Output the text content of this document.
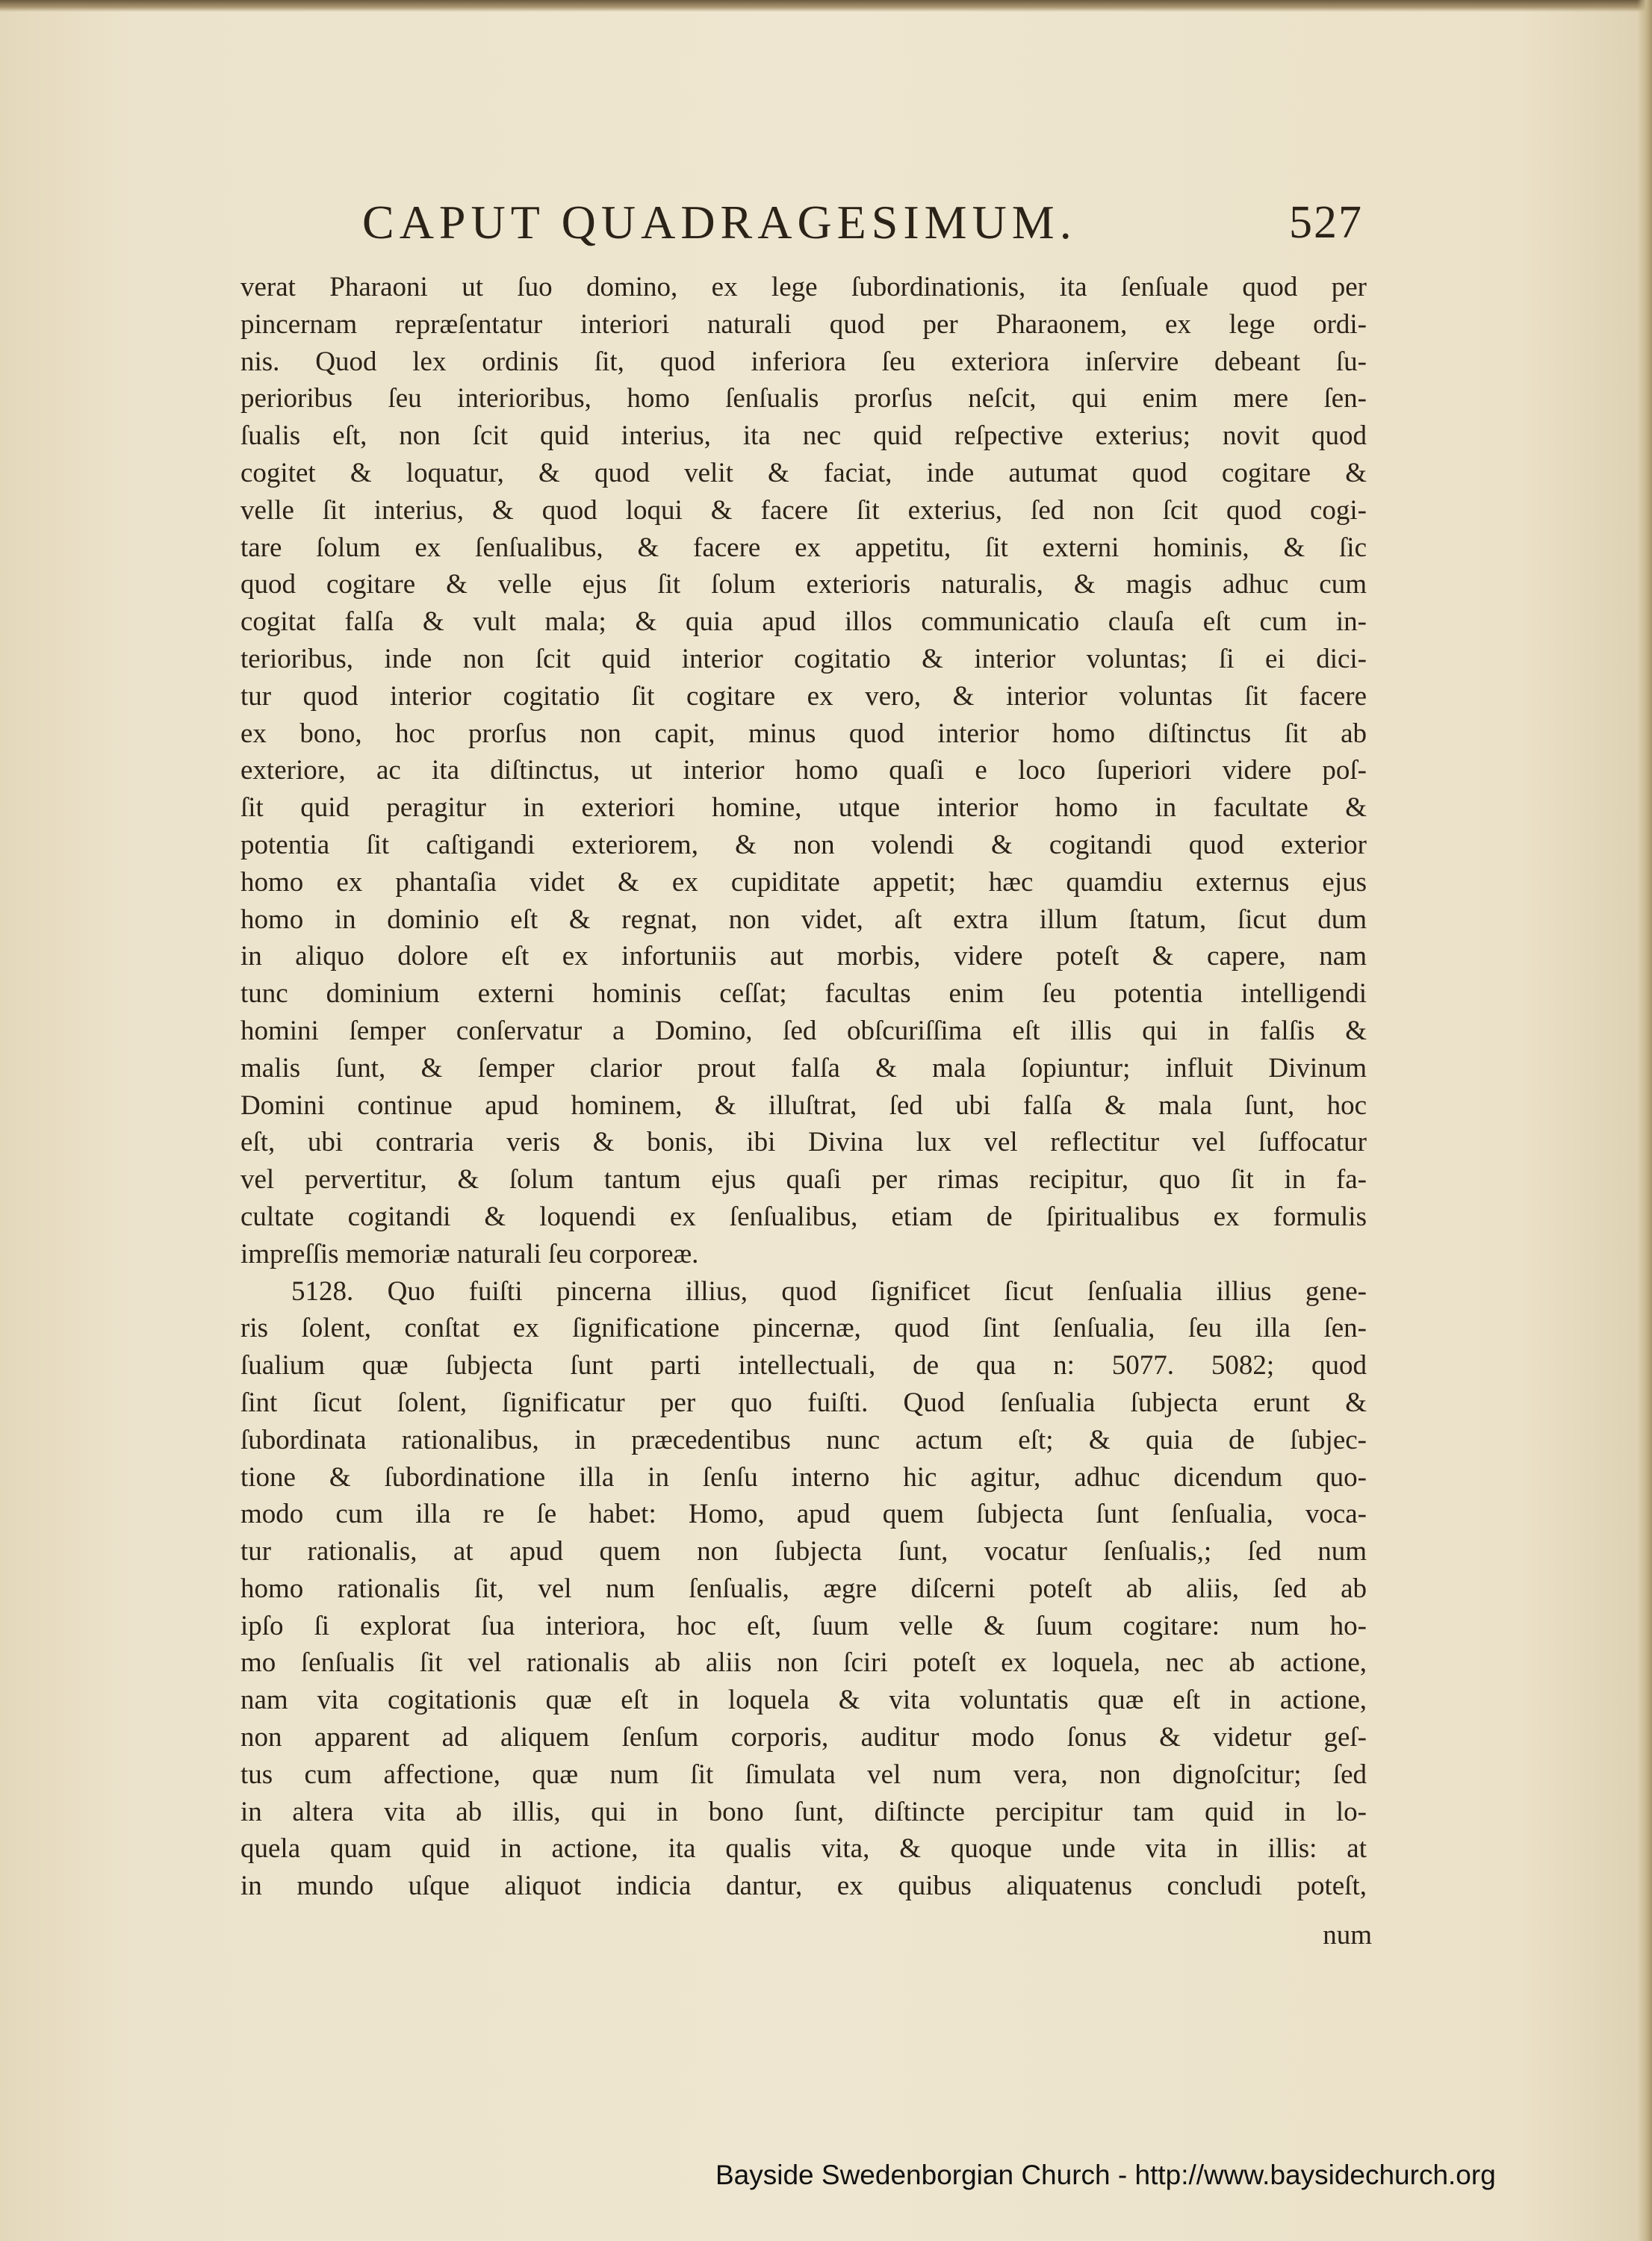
CAPUT QUADRAGESIMUM.	527
verat Pharaoni ut ſuo domino, ex lege ſubordinationis, ita ſenſuale quod per
pincernam repræſentatur interiori naturali quod per Pharaonem, ex lege ordi-
nis. Quod lex ordinis ſit, quod inferiora ſeu exteriora inſervire debeant ſu-
perioribus ſeu interioribus, homo ſenſualis prorſus neſcit, qui enim mere ſen-
ſualis eſt, non ſcit quid interius, ita nec quid reſpective exterius; novit quod
cogitet & loquatur, & quod velit & faciat, inde autumat quod cogitare &
velle ſit interius, & quod loqui & facere ſit exterius, ſed non ſcit quod cogi-
tare ſolum ex ſenſualibus, & facere ex appetitu, ſit externi hominis, & ſic
quod cogitare & velle ejus ſit ſolum exterioris naturalis, & magis adhuc cum
cogitat falſa & vult mala; & quia apud illos communicatio clauſa eſt cum in-
terioribus, inde non ſcit quid interior cogitatio & interior voluntas; ſi ei dici-
tur quod interior cogitatio ſit cogitare ex vero, & interior voluntas ſit facere
ex bono, hoc prorſus non capit, minus quod interior homo diſtinctus ſit ab
exteriore, ac ita diſtinctus, ut interior homo quaſi e loco ſuperiori videre poſ-
ſit quid peragitur in exteriori homine, utque interior homo in facultate &
potentia ſit caſtigandi exteriorem, & non volendi & cogitandi quod exterior
homo ex phantaſia videt & ex cupiditate appetit; hæc quamdiu externus ejus
homo in dominio eſt & regnat, non videt, aſt extra illum ſtatum, ſicut dum
in aliquo dolore eſt ex infortuniis aut morbis, videre poteſt & capere, nam
tunc dominium externi hominis ceſſat; facultas enim ſeu potentia intelligendi
homini ſemper conſervatur a Domino, ſed obſcuriſſima eſt illis qui in falſis &
malis ſunt, & ſemper clarior prout falſa & mala ſopiuntur; influit Divinum
Domini continue apud hominem, & illuſtrat, ſed ubi falſa & mala ſunt, hoc
eſt, ubi contraria veris & bonis, ibi Divina lux vel reflectitur vel ſuffocatur
vel pervertitur, & ſolum tantum ejus quaſi per rimas recipitur, quo ſit in fa-
cultate cogitandi & loquendi ex ſenſualibus, etiam de ſpiritualibus ex formulis
impreſſis memoriæ naturali ſeu corporeæ.
5128. Quo fuiſti pincerna illius, quod ſignificet ſicut ſenſualia illius gene-
ris ſolent, conſtat ex ſignificatione pincernæ, quod ſint ſenſualia, ſeu illa ſen-
ſualium quæ ſubjecta ſunt parti intellectuali, de qua n: 5077. 5082; quod
ſint ſicut ſolent, ſignificatur per quo fuiſti. Quod ſenſualia ſubjecta erunt &
ſubordinata rationalibus, in præcedentibus nunc actum eſt; & quia de ſubjec-
tione & ſubordinatione illa in ſenſu interno hic agitur, adhuc dicendum quo-
modo cum illa re ſe habet: Homo, apud quem ſubjecta ſunt ſenſualia, voca-
tur rationalis, at apud quem non ſubjecta ſunt, vocatur ſenſualis,; ſed num
homo rationalis ſit, vel num ſenſualis, ægre diſcerni poteſt ab aliis, ſed ab
ipſo ſi explorat ſua interiora, hoc eſt, ſuum velle & ſuum cogitare: num ho-
mo ſenſualis ſit vel rationalis ab aliis non ſciri poteſt ex loquela, nec ab actione,
nam vita cogitationis quæ eſt in loquela & vita voluntatis quæ eſt in actione,
non apparent ad aliquem ſenſum corporis, auditur modo ſonus & videtur geſ-
tus cum affectione, quæ num ſit ſimulata vel num vera, non dignoſcitur; ſed
in altera vita ab illis, qui in bono ſunt, diſtincte percipitur tam quid in lo-
quela quam quid in actione, ita qualis vita, & quoque unde vita in illis: at
in mundo uſque aliquot indicia dantur, ex quibus aliquatenus concludi poteſt,
num
Bayside Swedenborgian Church - http://www.baysidechurch.org
